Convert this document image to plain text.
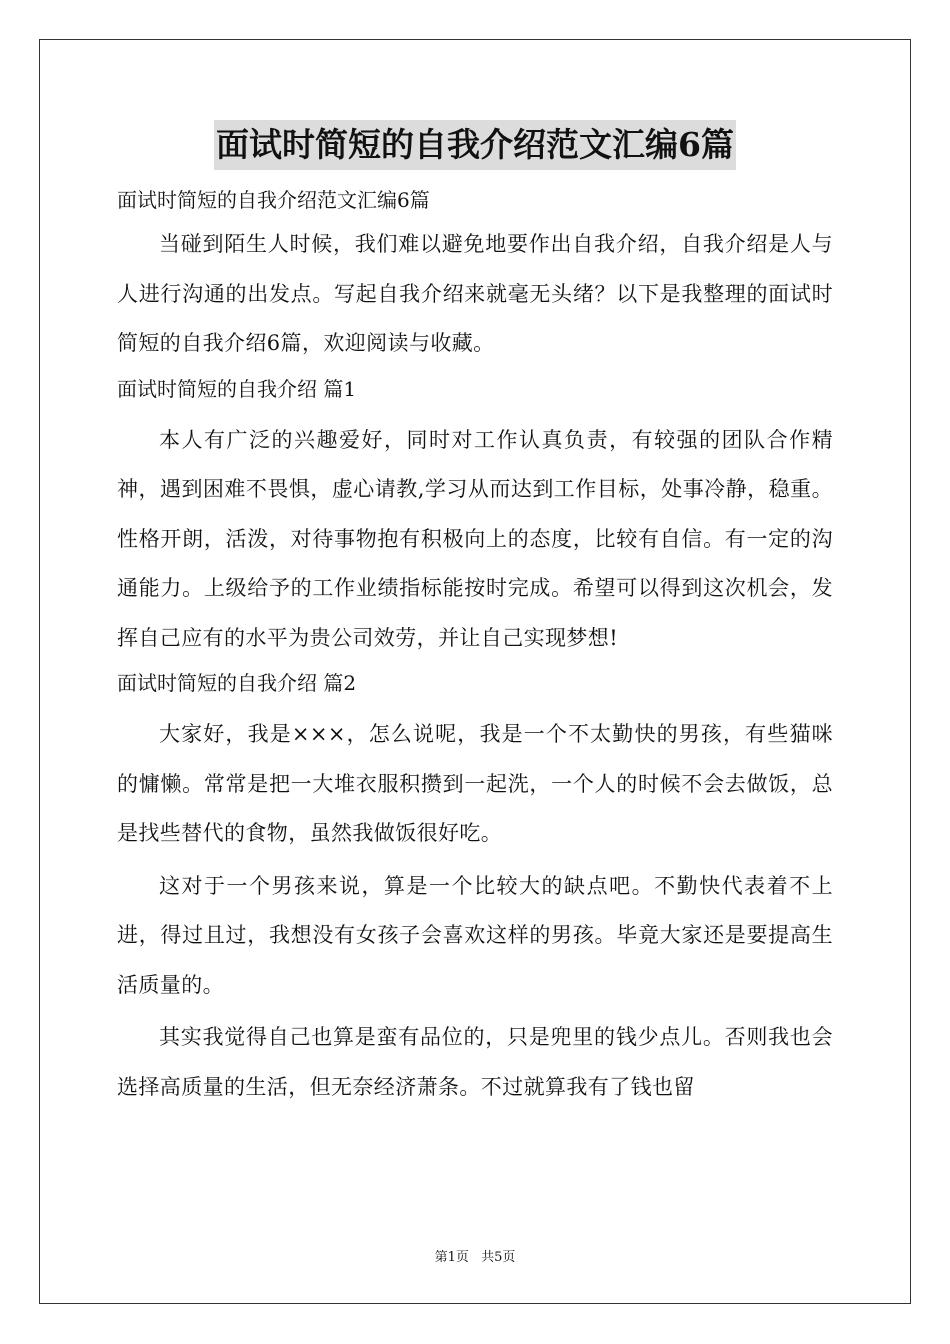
面试时简短的自我介绍范文汇编6篇
面试时简短的自我介绍范文汇编6篇

当碰到陌生人时候，我们难以避免地要作出自我介绍，自我介绍是人与人进行沟通的出发点。写起自我介绍来就毫无头绪？以下是我整理的面试时简短的自我介绍6篇，欢迎阅读与收藏。

面试时简短的自我介绍 篇1

本人有广泛的兴趣爱好，同时对工作认真负责，有较强的团队合作精神，遇到困难不畏惧，虚心请教,学习从而达到工作目标，处事冷静，稳重。性格开朗，活泼，对待事物抱有积极向上的态度，比较有自信。有一定的沟通能力。上级给予的工作业绩指标能按时完成。希望可以得到这次机会，发挥自己应有的水平为贵公司效劳，并让自己实现梦想!

面试时简短的自我介绍 篇2

大家好，我是×××，怎么说呢，我是一个不太勤快的男孩，有些猫咪的慵懒。常常是把一大堆衣服积攒到一起洗，一个人的时候不会去做饭，总是找些替代的食物，虽然我做饭很好吃。

这对于一个男孩来说，算是一个比较大的缺点吧。不勤快代表着不上进，得过且过，我想没有女孩子会喜欢这样的男孩。毕竟大家还是要提高生活质量的。

其实我觉得自己也算是蛮有品位的，只是兜里的钱少点儿。否则我也会选择高质量的生活，但无奈经济萧条。不过就算我有了钱也留

第1页 共5页
